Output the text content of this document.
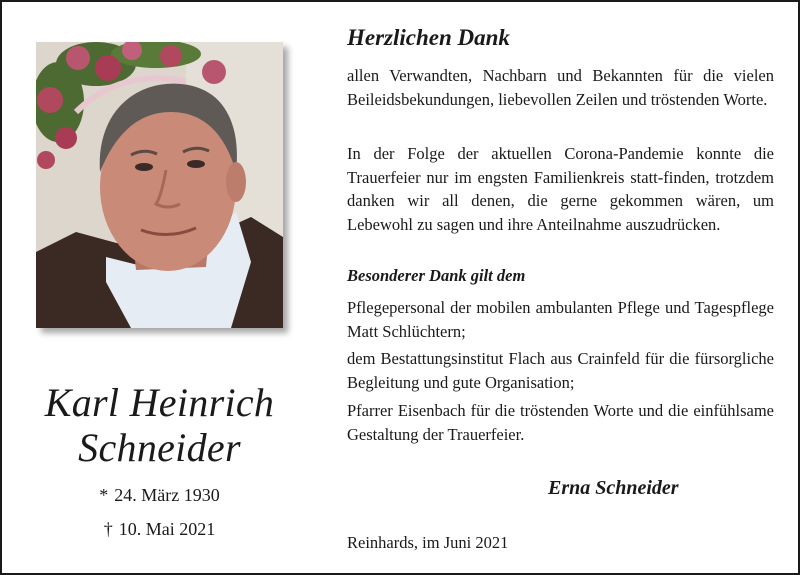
Karl Heinrich
Schneider
* 24. März 1930
† 10. Mai 2021
Herzlichen Dank
allen Verwandten, Nachbarn und Bekannten für die vielen Beileidsbekundungen, liebevollen Zeilen und tröstenden Worte.
In der Folge der aktuellen Corona-Pandemie konnte die Trauerfeier nur im engsten Familienkreis statt-finden, trotzdem danken wir all denen, die gerne gekommen wären, um Lebewohl zu sagen und ihre Anteilnahme auszudrücken.
Besonderer Dank gilt dem
Pflegepersonal der mobilen ambulanten Pflege und Tagespflege Matt Schlüchtern;
dem Bestattungsinstitut Flach aus Crainfeld für die fürsorgliche Begleitung und gute Organisation;
Pfarrer Eisenbach für die tröstenden Worte und die einfühlsame Gestaltung der Trauerfeier.
Erna Schneider
Reinhards, im Juni 2021
